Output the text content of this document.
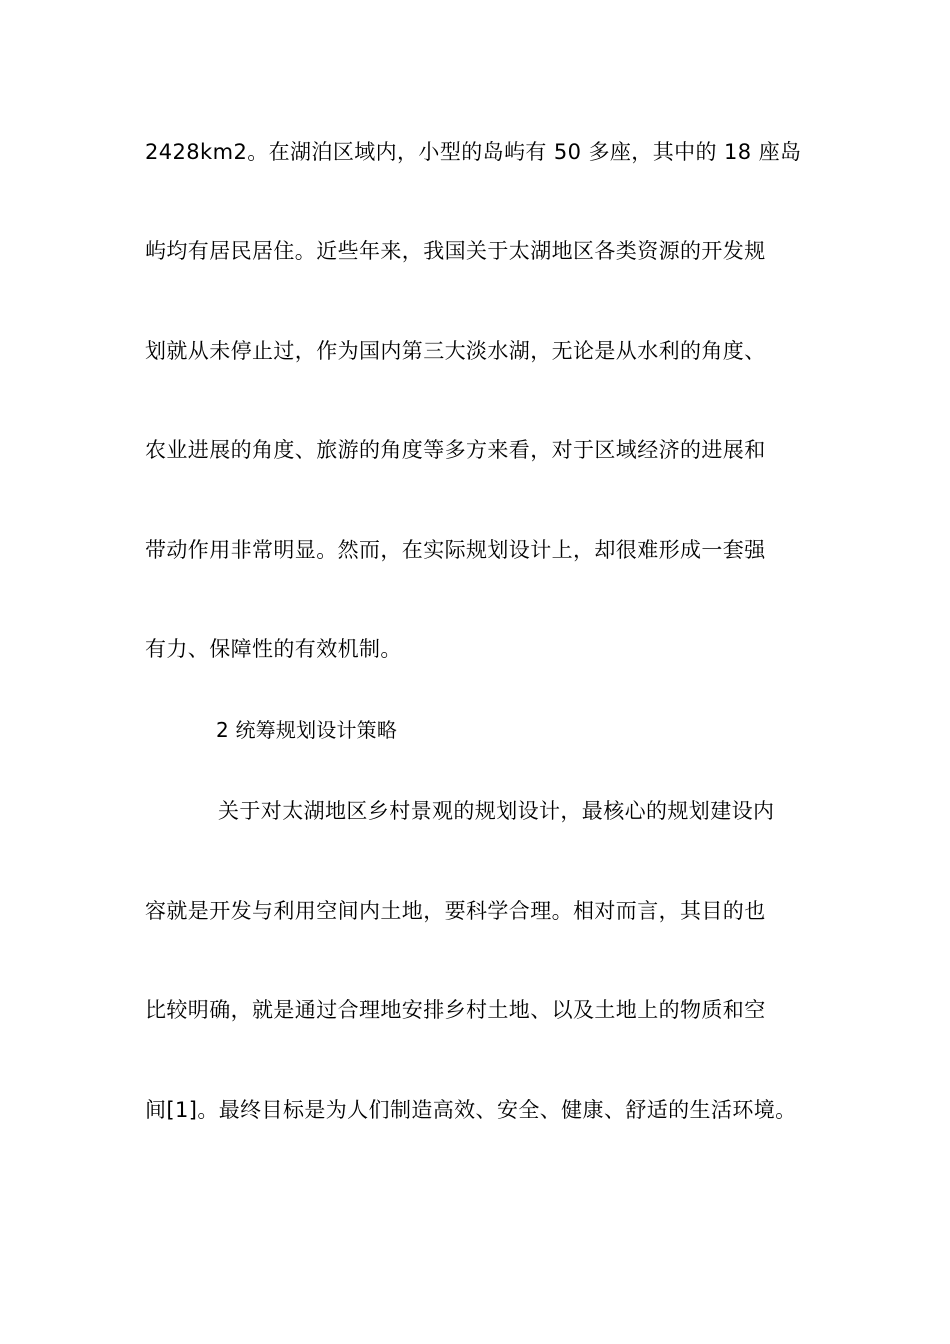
2428km2。在湖泊区域内，小型的岛屿有 50 多座，其中的 18 座岛
屿均有居民居住。近些年来，我国关于太湖地区各类资源的开发规
划就从未停止过，作为国内第三大淡水湖，无论是从水利的角度、
农业进展的角度、旅游的角度等多方来看，对于区域经济的进展和
带动作用非常明显。然而，在实际规划设计上，却很难形成一套强
有力、保障性的有效机制。
2 统筹规划设计策略
关于对太湖地区乡村景观的规划设计，最核心的规划建设内
容就是开发与利用空间内土地，要科学合理。相对而言，其目的也
比较明确，就是通过合理地安排乡村土地、以及土地上的物质和空
间[1]。最终目标是为人们制造高效、安全、健康、舒适的生活环境。
